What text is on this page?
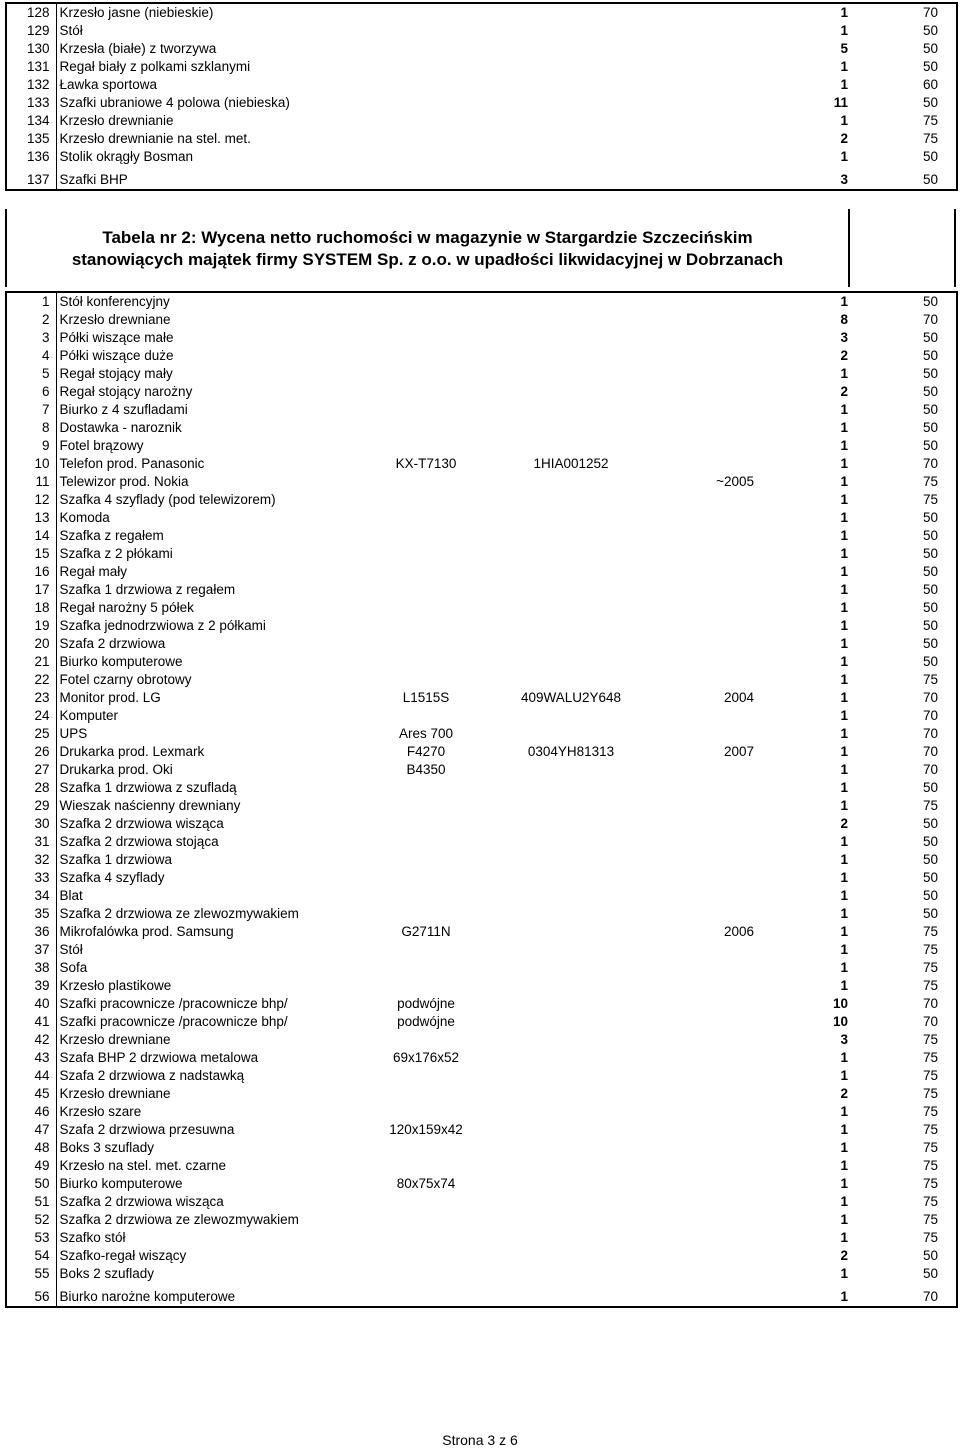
128	Krzesło jasne (niebieskie)				1	70
129	Stół				1	50
130	Krzesła (białe) z tworzywa				5	50
131	Regał biały z polkami szklanymi				1	50
132	Ławka sportowa				1	60
133	Szafki ubraniowe 4 polowa (niebieska)				11	50
134	Krzesło drewnianie				1	75
135	Krzesło drewnianie na stel. met.				2	75
136	Stolik okrągły Bosman				1	50
137	Szafki BHP				3	50
Tabela nr 2: Wycena netto ruchomości w magazynie w Stargardzie Szczecińskim
stanowiących majątek firmy SYSTEM Sp. z o.o. w upadłości likwidacyjnej w Dobrzanach
1	Stół konferencyjny				1	50
2	Krzesło drewniane				8	70
3	Półki wiszące małe				3	50
4	Półki wiszące duże				2	50
5	Regał stojący mały				1	50
6	Regał stojący narożny				2	50
7	Biurko z 4 szufladami				1	50
8	Dostawka - naroznik				1	50
9	Fotel brązowy				1	50
10	Telefon prod. Panasonic	KX-T7130	1HIA001252		1	70
11	Telewizor prod. Nokia			~2005	1	75
12	Szafka 4 szyflady (pod telewizorem)				1	75
13	Komoda				1	50
14	Szafka z regałem				1	50
15	Szafka z 2 płókami				1	50
16	Regał mały				1	50
17	Szafka 1 drzwiowa z regałem				1	50
18	Regał narożny 5 półek				1	50
19	Szafka jednodrzwiowa z 2 półkami				1	50
20	Szafa 2 drzwiowa				1	50
21	Biurko komputerowe				1	50
22	Fotel czarny obrotowy				1	75
23	Monitor prod. LG	L1515S	409WALU2Y648	2004	1	70
24	Komputer				1	70
25	UPS	Ares 700			1	70
26	Drukarka prod. Lexmark	F4270	0304YH81313	2007	1	70
27	Drukarka prod. Oki	B4350			1	70
28	Szafka 1 drzwiowa z szufladą				1	50
29	Wieszak naścienny drewniany				1	75
30	Szafka 2 drzwiowa wisząca				2	50
31	Szafka 2 drzwiowa stojąca				1	50
32	Szafka 1 drzwiowa				1	50
33	Szafka 4 szyflady				1	50
34	Blat				1	50
35	Szafka 2 drzwiowa ze zlewozmywakiem				1	50
36	Mikrofalówka prod. Samsung	G2711N		2006	1	75
37	Stół				1	75
38	Sofa				1	75
39	Krzesło plastikowe				1	75
40	Szafki pracownicze /pracownicze bhp/	podwójne			10	70
41	Szafki pracownicze /pracownicze bhp/	podwójne			10	70
42	Krzesło drewniane				3	75
43	Szafa BHP 2 drzwiowa metalowa	69x176x52			1	75
44	Szafa 2 drzwiowa z nadstawką				1	75
45	Krzesło drewniane				2	75
46	Krzesło szare				1	75
47	Szafa 2 drzwiowa przesuwna	120x159x42			1	75
48	Boks 3 szuflady				1	75
49	Krzesło na stel. met. czarne				1	75
50	Biurko komputerowe	80x75x74			1	75
51	Szafka 2 drzwiowa wisząca				1	75
52	Szafka 2 drzwiowa ze zlewozmywakiem				1	75
53	Szafko stół				1	75
54	Szafko-regał wiszący				2	50
55	Boks 2 szuflady				1	50
56	Biurko narożne komputerowe				1	70
Strona 3 z 6
